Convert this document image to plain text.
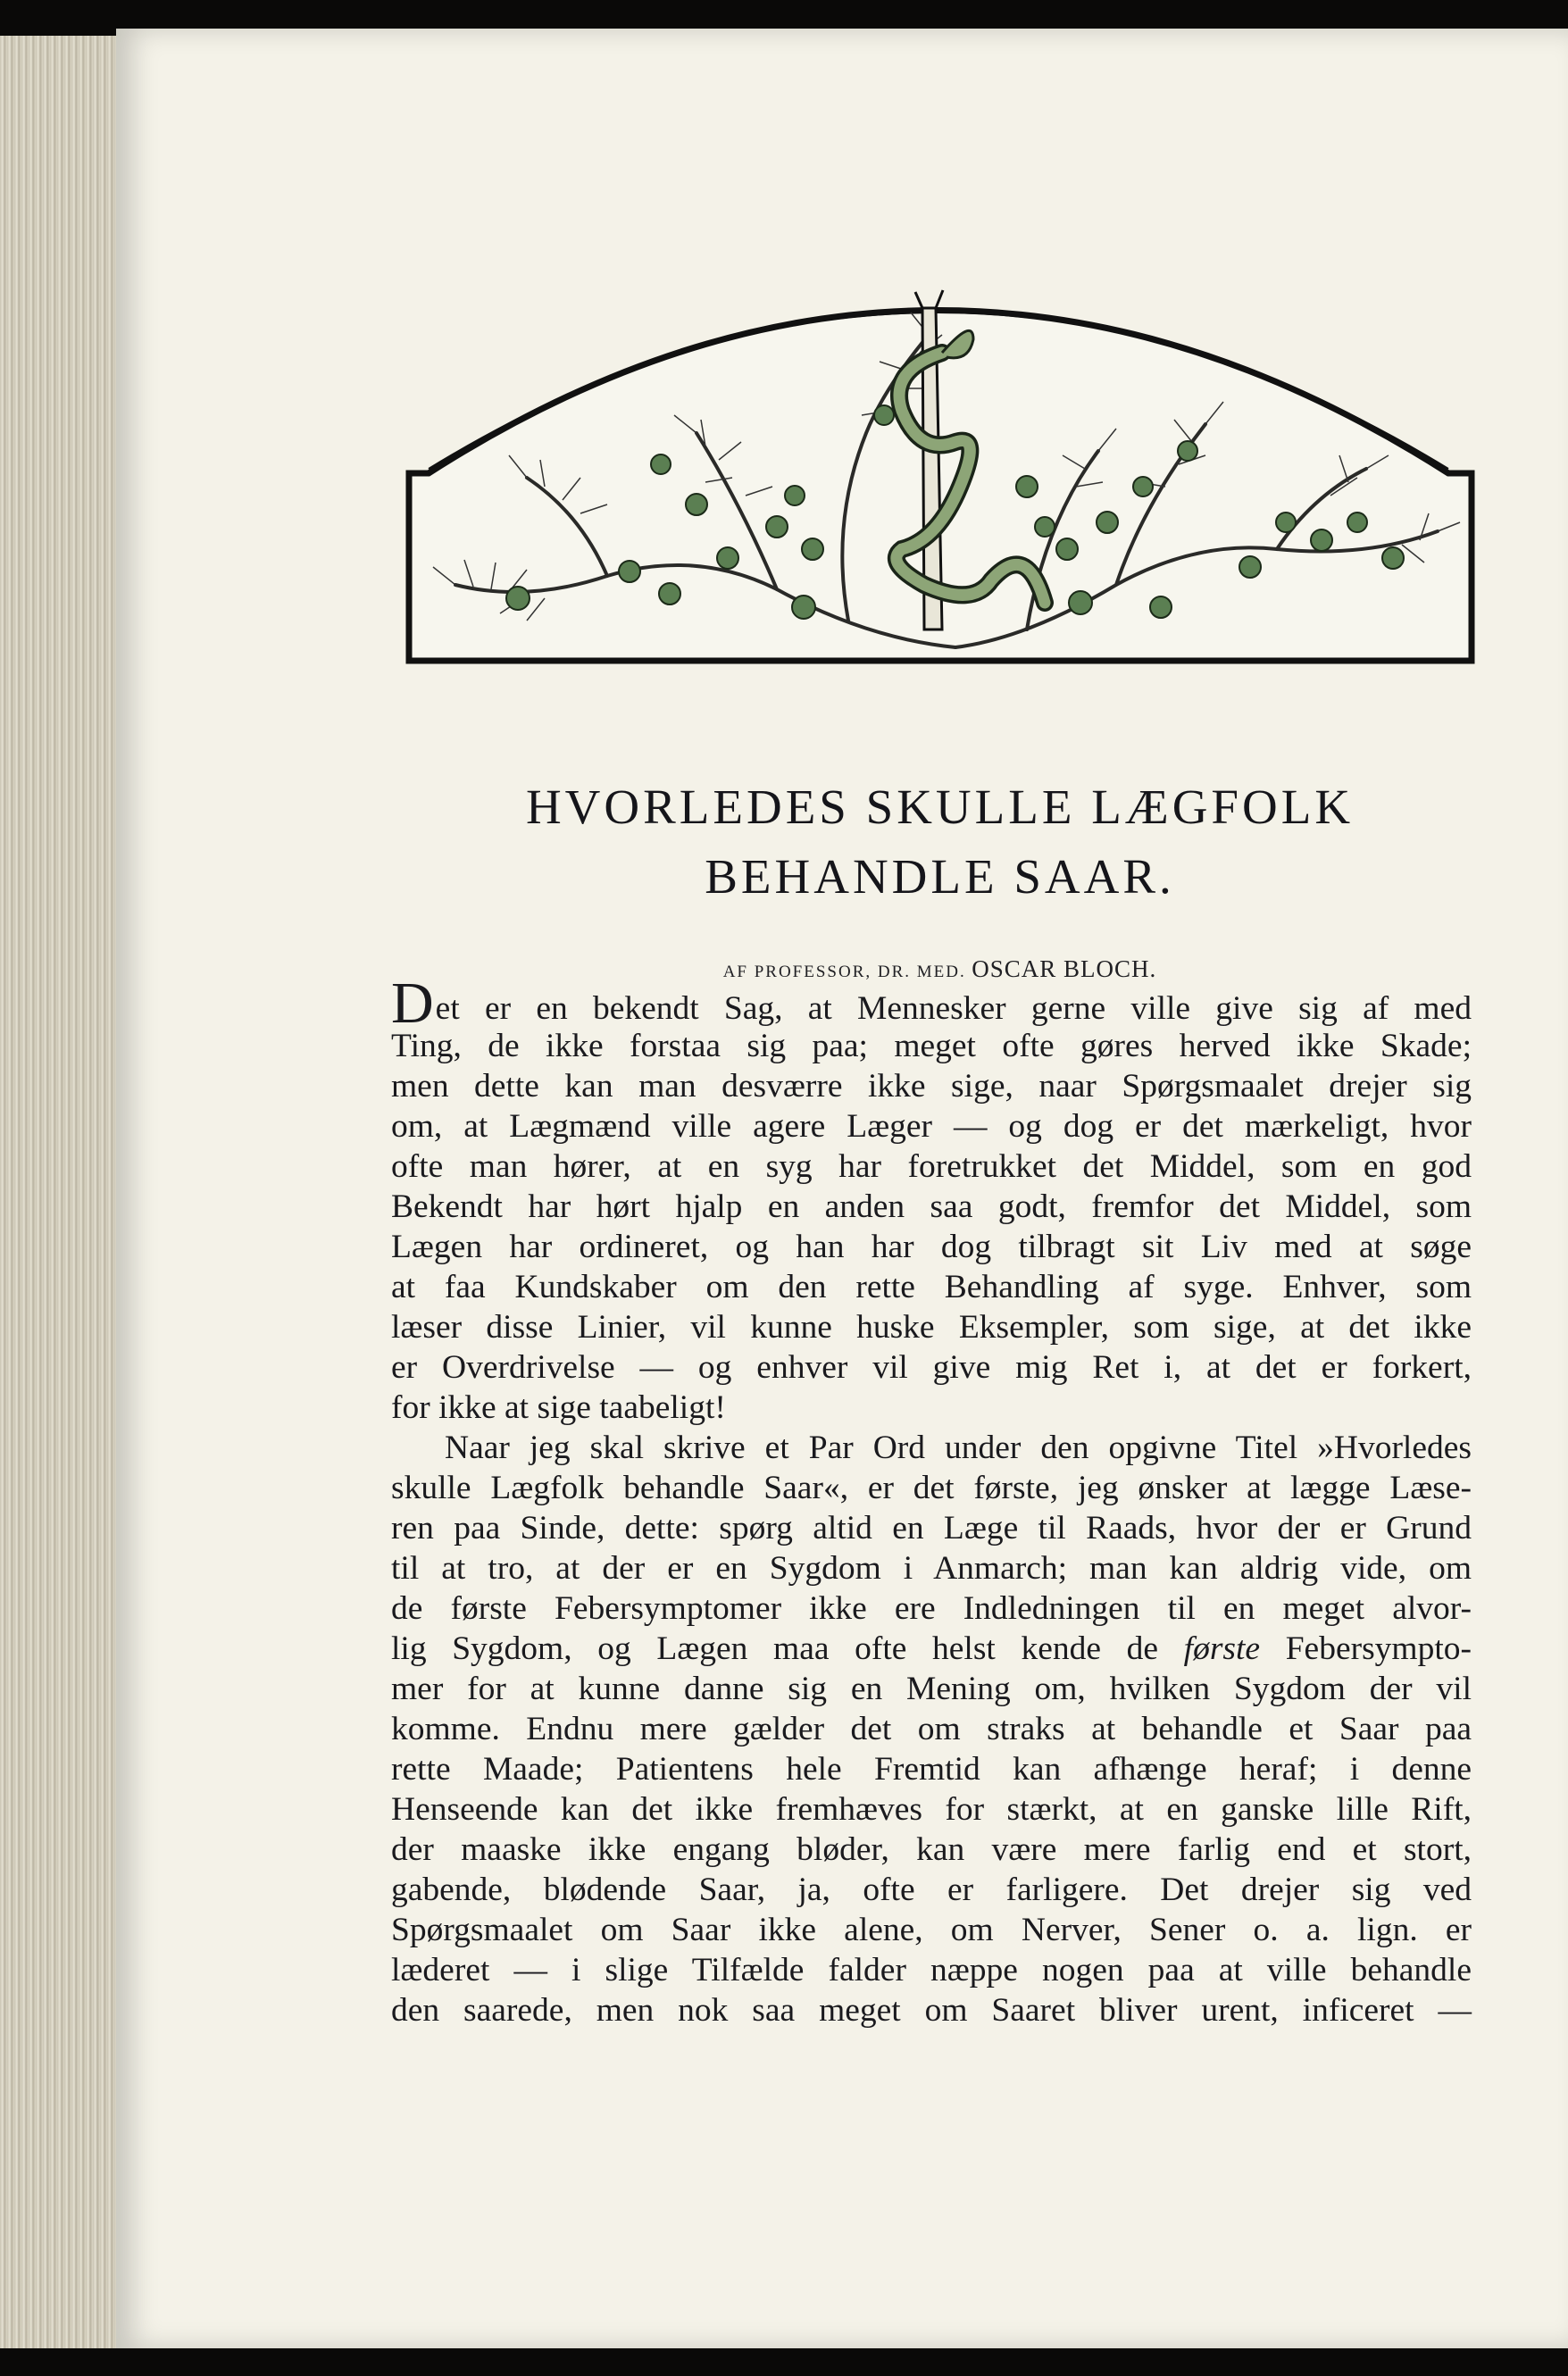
HVORLEDES SKULLE LÆGFOLK
BEHANDLE SAAR.
AF PROFESSOR, DR. MED. OSCAR BLOCH.
Det er en bekendt Sag, at Mennesker gerne ville give sig af med
Ting, de ikke forstaa sig paa; meget ofte gøres herved ikke Skade;
men dette kan man desværre ikke sige, naar Spørgsmaalet drejer sig
om, at Lægmænd ville agere Læger — og dog er det mærkeligt, hvor
ofte man hører, at en syg har foretrukket det Middel, som en god
Bekendt har hørt hjalp en anden saa godt, fremfor det Middel, som
Lægen har ordineret, og han har dog tilbragt sit Liv med at søge
at faa Kundskaber om den rette Behandling af syge. Enhver, som
læser disse Linier, vil kunne huske Eksempler, som sige, at det ikke
er Overdrivelse — og enhver vil give mig Ret i, at det er forkert,
for ikke at sige taabeligt!
Naar jeg skal skrive et Par Ord under den opgivne Titel »Hvorledes
skulle Lægfolk behandle Saar«, er det første, jeg ønsker at lægge Læse-
ren paa Sinde, dette: spørg altid en Læge til Raads, hvor der er Grund
til at tro, at der er en Sygdom i Anmarch; man kan aldrig vide, om
de første Febersymptomer ikke ere Indledningen til en meget alvor-
lig Sygdom, og Lægen maa ofte helst kende de første Febersympto-
mer for at kunne danne sig en Mening om, hvilken Sygdom der vil
komme. Endnu mere gælder det om straks at behandle et Saar paa
rette Maade; Patientens hele Fremtid kan afhænge heraf; i denne
Henseende kan det ikke fremhæves for stærkt, at en ganske lille Rift,
der maaske ikke engang bløder, kan være mere farlig end et stort,
gabende, blødende Saar, ja, ofte er farligere. Det drejer sig ved
Spørgsmaalet om Saar ikke alene, om Nerver, Sener o. a. lign. er
læderet — i slige Tilfælde falder næppe nogen paa at ville behandle
den saarede, men nok saa meget om Saaret bliver urent, inficeret —
